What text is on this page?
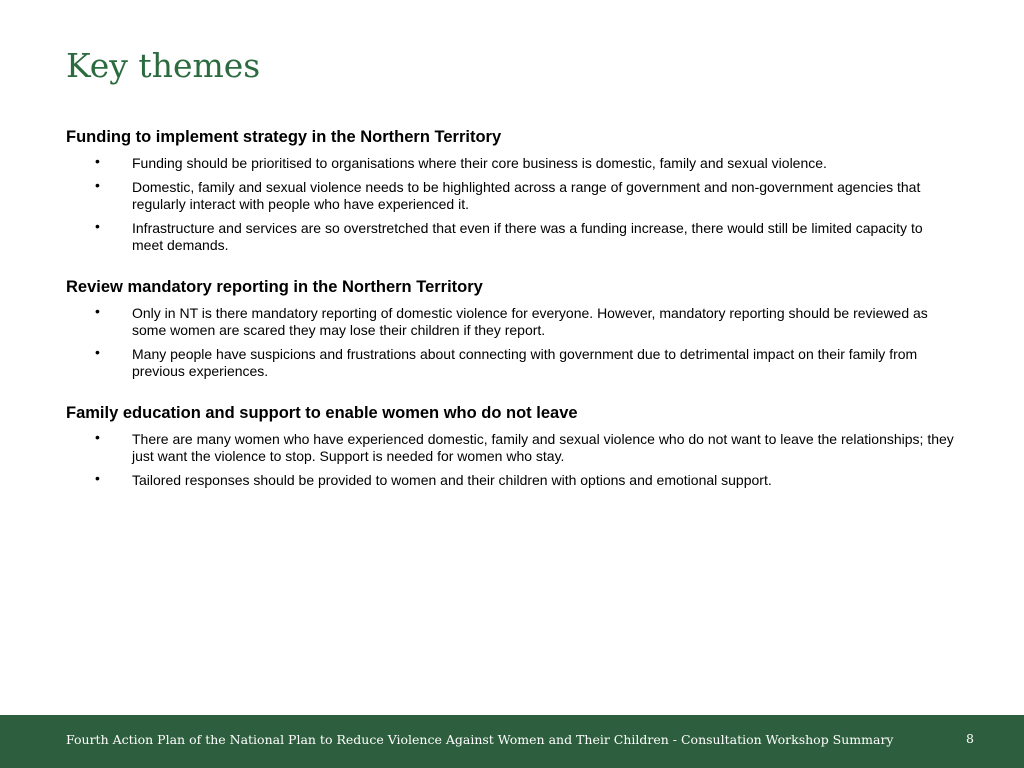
Key themes
Funding to implement strategy in the Northern Territory
• Funding should be prioritised to organisations where their core business is domestic, family and sexual violence.
• Domestic, family and sexual violence needs to be highlighted across a range of government and non-government agencies that regularly interact with people who have experienced it.
• Infrastructure and services are so overstretched that even if there was a funding increase, there would still be limited capacity to meet demands.
Review mandatory reporting in the Northern Territory
• Only in NT is there mandatory reporting of domestic violence for everyone. However, mandatory reporting should be reviewed as some women are scared they may lose their children if they report.
• Many people have suspicions and frustrations about connecting with government due to detrimental impact on their family from previous experiences.
Family education and support to enable women who do not leave
• There are many women who have experienced domestic, family and sexual violence who do not want to leave the relationships; they just want the violence to stop. Support is needed for women who stay.
• Tailored responses should be provided to women and their children with options and emotional support.
Fourth Action Plan of the National Plan to Reduce Violence Against Women and Their Children - Consultation Workshop Summary	8
